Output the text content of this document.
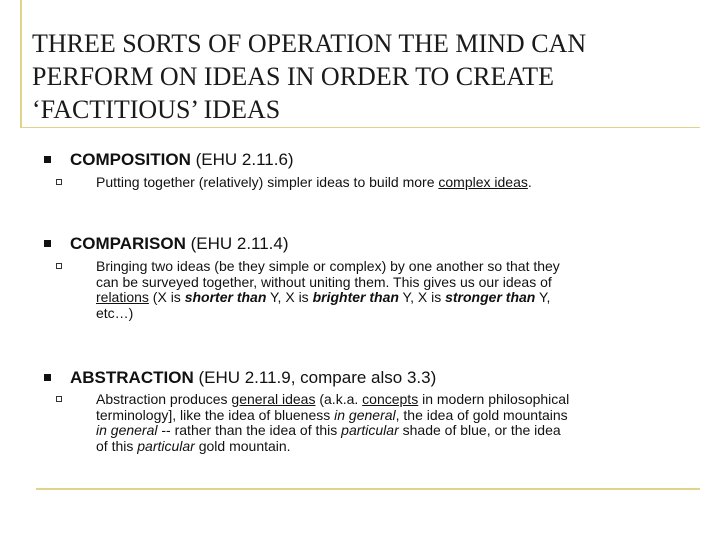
THREE SORTS OF OPERATION THE MIND CAN
PERFORM ON IDEAS IN ORDER TO CREATE
‘FACTITIOUS’ IDEAS
COMPOSITION (EHU 2.11.6)
Putting together (relatively) simpler ideas to build more complex ideas.
COMPARISON (EHU 2.11.4)
Bringing two ideas (be they simple or complex) by one another so that they
can be surveyed together, without uniting them. This gives us our ideas of
relations (X is shorter than Y, X is brighter than Y, X is stronger than Y,
etc…)
ABSTRACTION (EHU 2.11.9, compare also 3.3)
Abstraction produces general ideas (a.k.a. concepts in modern philosophical
terminology], like the idea of blueness in general, the idea of gold mountains
in general -- rather than the idea of this particular shade of blue, or the idea
of this particular gold mountain.
